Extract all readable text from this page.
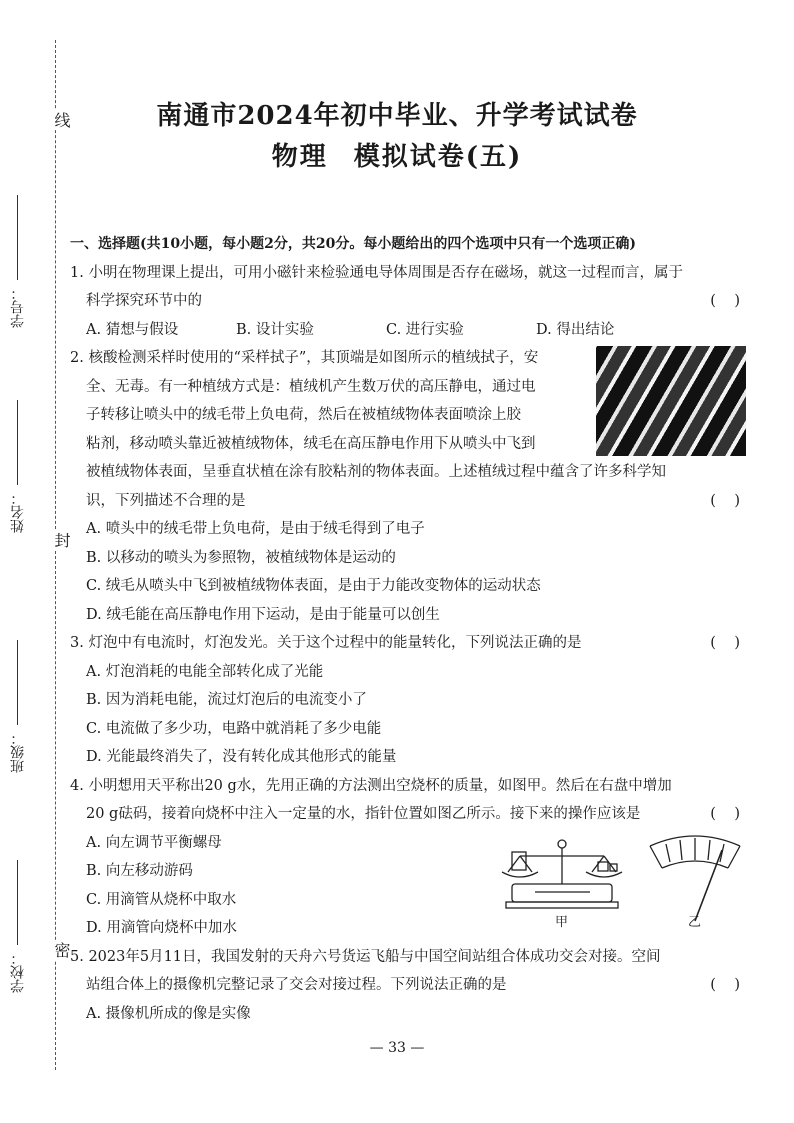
线
封
密
学号：
姓名：
班级：
学校：
南通市2024年初中毕业、升学考试试卷
物理 模拟试卷(五)
一、选择题(共10小题，每小题2分，共20分。每小题给出的四个选项中只有一个选项正确)
1. 小明在物理课上提出，可用小磁针来检验通电导体周围是否存在磁场，就这一过程而言，属于
科学探究环节中的	(    )
A. 猜想与假设	B. 设计实验	C. 进行实验	D. 得出结论
2. 核酸检测采样时使用的“采样拭子”，其顶端是如图所示的植绒拭子，安
全、无毒。有一种植绒方式是：植绒机产生数万伏的高压静电，通过电
子转移让喷头中的绒毛带上负电荷，然后在被植绒物体表面喷涂上胶
粘剂，移动喷头靠近被植绒物体，绒毛在高压静电作用下从喷头中飞到
被植绒物体表面，呈垂直状植在涂有胶粘剂的物体表面。上述植绒过程中蕴含了许多科学知
识，下列描述不合理的是	(    )
A. 喷头中的绒毛带上负电荷，是由于绒毛得到了电子
B. 以移动的喷头为参照物，被植绒物体是运动的
C. 绒毛从喷头中飞到被植绒物体表面，是由于力能改变物体的运动状态
D. 绒毛能在高压静电作用下运动，是由于能量可以创生
3. 灯泡中有电流时，灯泡发光。关于这个过程中的能量转化，下列说法正确的是	(    )
A. 灯泡消耗的电能全部转化成了光能
B. 因为消耗电能，流过灯泡后的电流变小了
C. 电流做了多少功，电路中就消耗了多少电能
D. 光能最终消失了，没有转化成其他形式的能量
4. 小明想用天平称出20 g水，先用正确的方法测出空烧杯的质量，如图甲。然后在右盘中增加
20 g砝码，接着向烧杯中注入一定量的水，指针位置如图乙所示。接下来的操作应该是	(    )
A. 向左调节平衡螺母
B. 向左移动游码
C. 用滴管从烧杯中取水
D. 用滴管向烧杯中加水
5. 2023年5月11日，我国发射的天舟六号货运飞船与中国空间站组合体成功交会对接。空间
站组合体上的摄像机完整记录了交会对接过程。下列说法正确的是	(    )
A. 摄像机所成的像是实像
甲	乙
— 33 —
